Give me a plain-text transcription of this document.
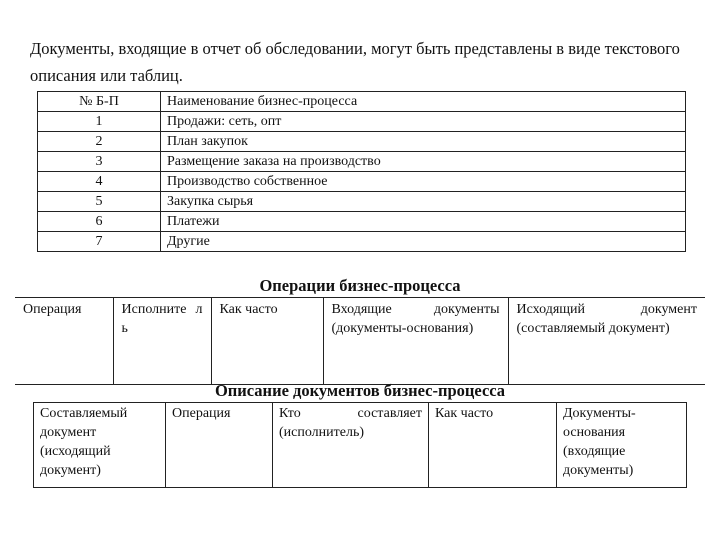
Документы, входящие в отчет об обследовании, могут быть представлены в виде текстового описания или таблиц.
№ Б-П	Наименование бизнес-процесса
1	Продажи: сеть, опт
2	План закупок
3	Размещение заказа на производство
4	Производство собственное
5	Закупка сырья
6	Платежи
7	Другие
Операции бизнес-процесса
Операция	Исполните ль	Как часто	Входящие документы (документы-основания)	Исходящий документ (составляемый документ)
Описание документов бизнес-процесса
Составляемый документ (исходящий документ)	Операция	Кто составляет (исполнитель)	Как часто	Документы-основания (входящие документы)
